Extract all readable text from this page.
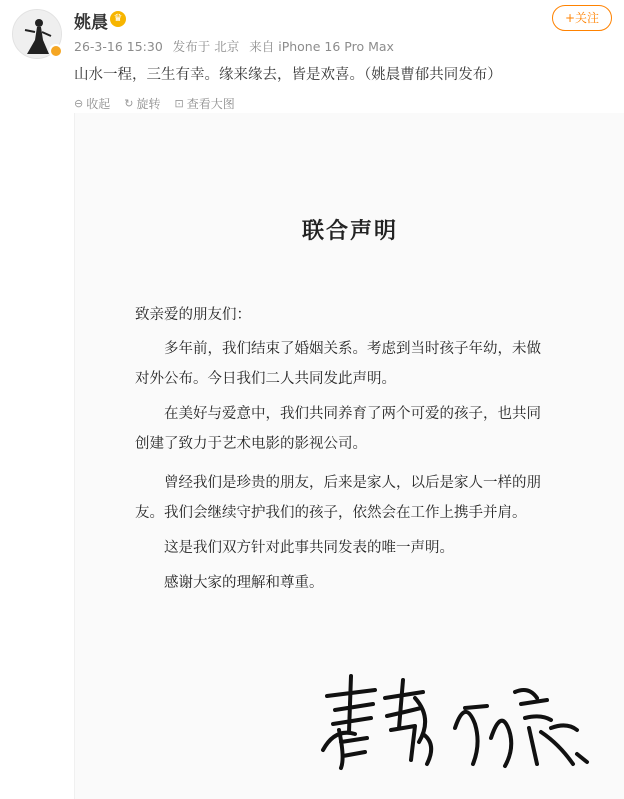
姚晨 ♛
26-3-16 15:30 发布于 北京 来自 iPhone 16 Pro Max
+关注
山水一程，三生有幸。缘来缘去，皆是欢喜。（姚晨曹郁共同发布）
⊖ 收起 ↻ 旋转 ⊡ 查看大图
联合声明
致亲爱的朋友们：
多年前，我们结束了婚姻关系。考虑到当时孩子年幼，未做对外公布。今日我们二人共同发此声明。
在美好与爱意中，我们共同养育了两个可爱的孩子，也共同创建了致力于艺术电影的影视公司。
曾经我们是珍贵的朋友，后来是家人，以后是家人一样的朋友。我们会继续守护我们的孩子，依然会在工作上携手并肩。
这是我们双方针对此事共同发表的唯一声明。
感谢大家的理解和尊重。
